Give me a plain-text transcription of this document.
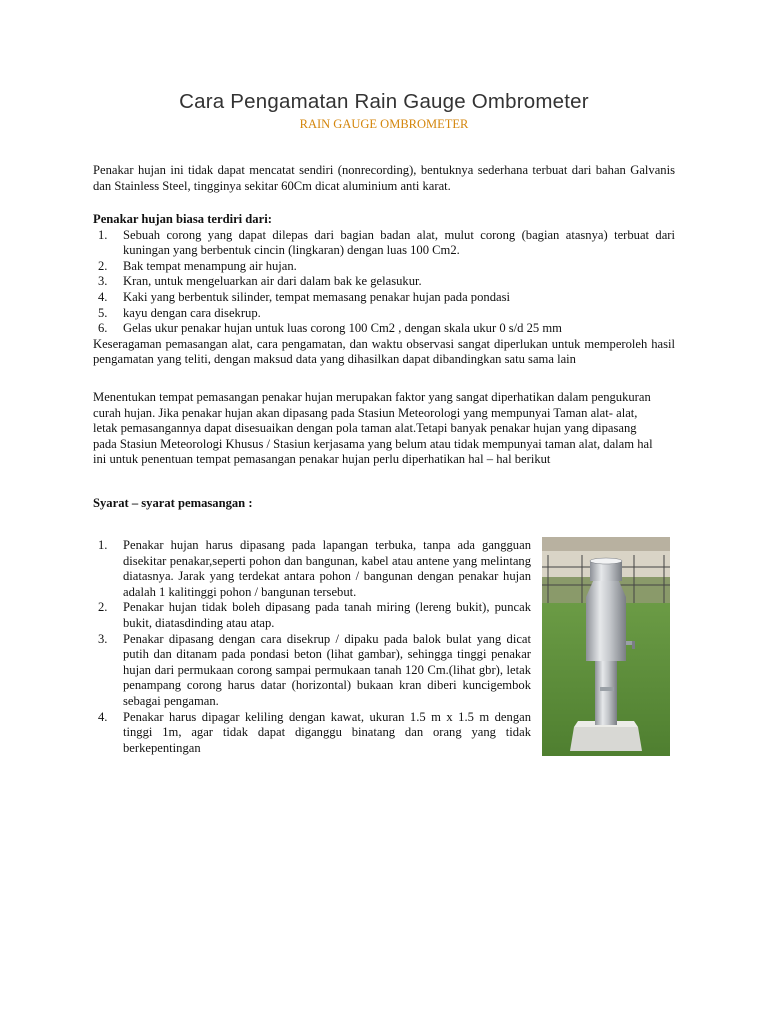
Cara Pengamatan Rain Gauge Ombrometer
RAIN GAUGE OMBROMETER
Penakar hujan ini tidak dapat mencatat sendiri (nonrecording), bentuknya sederhana terbuat dari bahan Galvanis dan Stainless Steel, tingginya sekitar 60Cm dicat aluminium anti karat.
Penakar hujan biasa terdiri dari:
1.	Sebuah corong yang dapat dilepas dari bagian badan alat, mulut corong (bagian atasnya) terbuat dari kuningan yang berbentuk cincin (lingkaran) dengan luas 100 Cm2.
2.	Bak tempat menampung air hujan.
3.	Kran, untuk mengeluarkan air dari dalam bak ke gelasukur.
4.	Kaki yang berbentuk silinder, tempat memasang penakar hujan pada pondasi
5.	kayu dengan cara disekrup.
6.	Gelas ukur penakar hujan untuk luas corong 100 Cm2 , dengan skala ukur 0 s/d 25 mm
Keseragaman pemasangan alat, cara pengamatan, dan waktu observasi sangat diperlukan untuk memperoleh hasil pengamatan yang teliti, dengan maksud data yang dihasilkan dapat dibandingkan satu sama lain
Menentukan tempat pemasangan penakar hujan merupakan faktor yang sangat diperhatikan dalam pengukuran curah hujan. Jika penakar hujan akan dipasang pada Stasiun Meteorologi yang mempunyai Taman alat- alat, letak pemasangannya dapat disesuaikan dengan pola taman alat.Tetapi banyak penakar hujan yang dipasang pada Stasiun Meteorologi Khusus / Stasiun kerjasama yang belum atau tidak mempunyai taman alat, dalam hal ini untuk penentuan tempat pemasangan penakar hujan perlu diperhatikan hal – hal berikut
Syarat – syarat pemasangan :
1.	Penakar hujan harus dipasang pada lapangan terbuka, tanpa ada gangguan disekitar penakar,seperti pohon dan bangunan, kabel atau antene yang melintang diatasnya. Jarak yang terdekat antara pohon / bangunan dengan penakar hujan adalah 1 kalitinggi pohon / bangunan tersebut.
2.	Penakar hujan tidak boleh dipasang pada tanah miring (lereng bukit), puncak bukit, diatasdinding atau atap.
3.	Penakar dipasang dengan cara disekrup / dipaku pada balok bulat yang dicat putih dan ditanam pada pondasi beton (lihat gambar), sehingga tinggi penakar hujan dari permukaan corong sampai permukaan tanah 120 Cm.(lihat gbr), letak penampang corong harus datar (horizontal) bukaan kran diberi kuncigembok sebagai pengaman.
4.	Penakar harus dipagar keliling dengan kawat, ukuran 1.5 m x 1.5 m dengan tinggi 1m, agar tidak dapat diganggu binatang dan orang yang tidak berkepentingan
